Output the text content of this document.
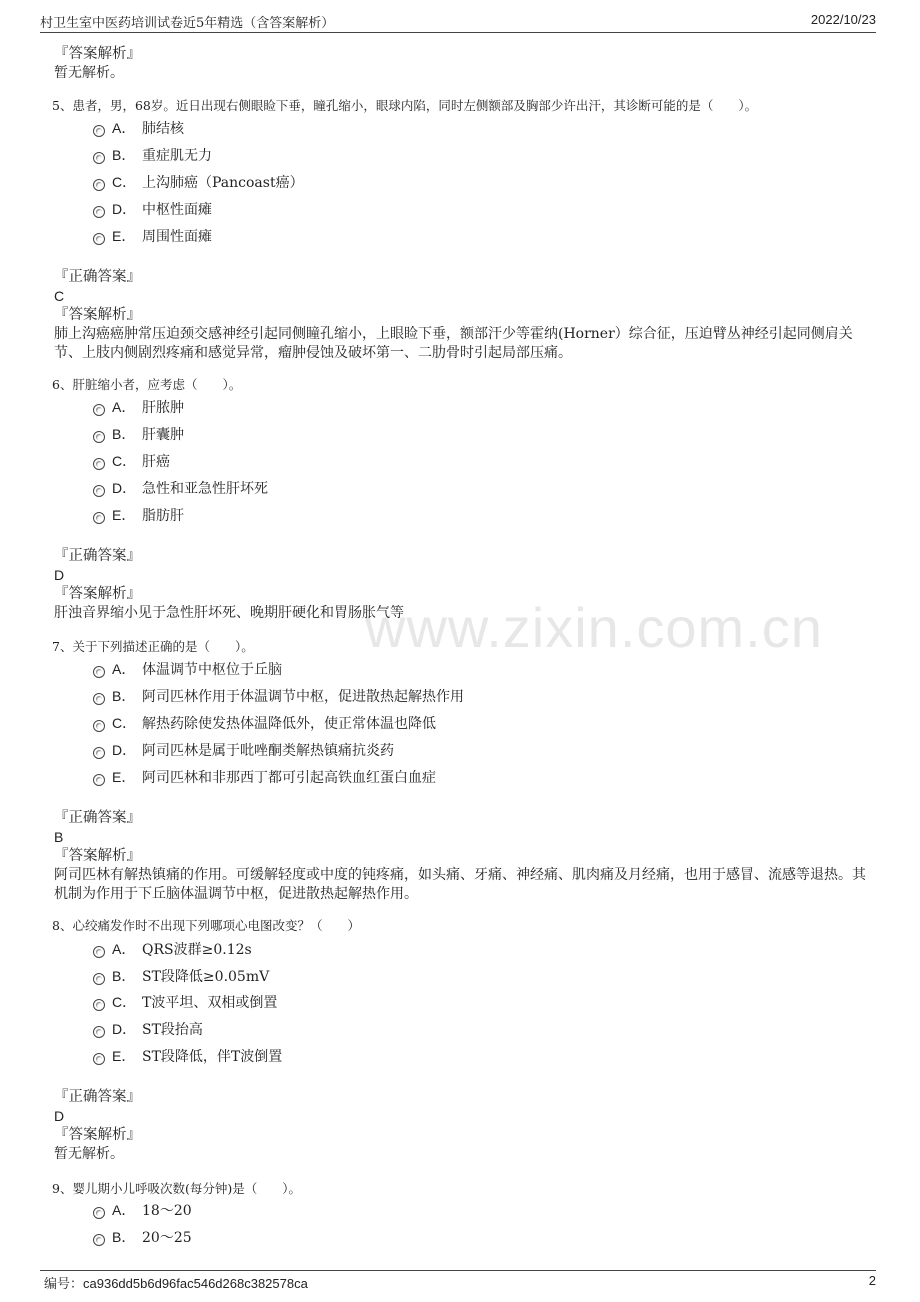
村卫生室中医药培训试卷近5年精选（含答案解析）	2022/10/23
『答案解析』
暂无解析。
5、患者，男，68岁。近日出现右侧眼睑下垂，瞳孔缩小，眼球内陷，同时左侧额部及胸部少许出汗，其诊断可能的是（　　）。
A． 肺结核
B． 重症肌无力
C． 上沟肺癌（Pancoast癌）
D． 中枢性面瘫
E． 周围性面瘫
『正确答案』
C
『答案解析』
肺上沟癌癌肿常压迫颈交感神经引起同侧瞳孔缩小，上眼睑下垂，额部汗少等霍纳(Horner）综合征，压迫臂丛神经引起同侧肩关节、上肢内侧剧烈疼痛和感觉异常，瘤肿侵蚀及破坏第一、二肋骨时引起局部压痛。
6、肝脏缩小者，应考虑（　　）。
A． 肝脓肿
B． 肝囊肿
C． 肝癌
D． 急性和亚急性肝坏死
E． 脂肪肝
『正确答案』
D
『答案解析』
肝浊音界缩小见于急性肝坏死、晚期肝硬化和胃肠胀气等
7、关于下列描述正确的是（　　）。
A． 体温调节中枢位于丘脑
B． 阿司匹林作用于体温调节中枢，促进散热起解热作用
C． 解热药除使发热体温降低外，使正常体温也降低
D． 阿司匹林是属于吡唑酮类解热镇痛抗炎药
E． 阿司匹林和非那西丁都可引起高铁血红蛋白血症
『正确答案』
B
『答案解析』
阿司匹林有解热镇痛的作用。可缓解轻度或中度的钝疼痛，如头痛、牙痛、神经痛、肌肉痛及月经痛，也用于感冒、流感等退热。其机制为作用于下丘脑体温调节中枢，促进散热起解热作用。
8、心绞痛发作时不出现下列哪项心电图改变？（　　）
A． QRS波群≥0.12s
B． ST段降低≥0.05mV
C． T波平坦、双相或倒置
D． ST段抬高
E． ST段降低，伴T波倒置
『正确答案』
D
『答案解析』
暂无解析。
9、婴儿期小儿呼吸次数(每分钟)是（　　）。
A． 18～20
B． 20～25
www.zixin.com.cn
编号：ca936dd5b6d96fac546d268c382578ca	2
